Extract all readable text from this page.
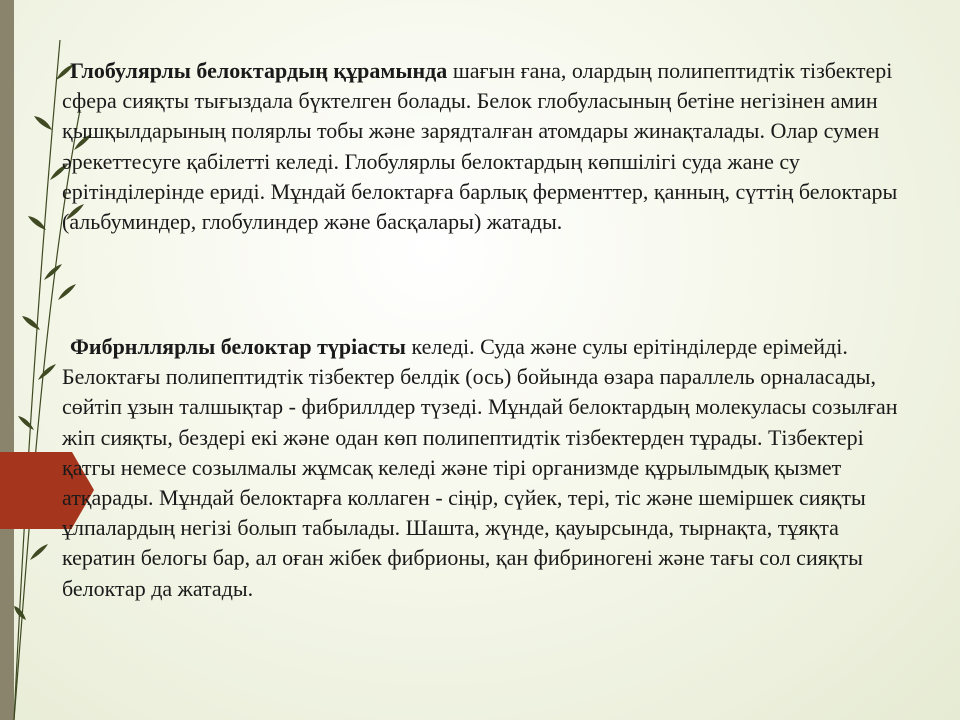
Глобулярлы белоктардың құрамында шағын ғана, олардың полипептидтік тізбектері сфера сияқты тығыздала бүктелген болады. Белок глобуласының бетіне негізінен амин қышқылдарының полярлы тобы және зарядталған атомдары жинақталады. Олар сумен әрекеттесуге қабілетті келеді. Глобулярлы белоктардың көпшілігі суда жане су ерітінділерінде ериді. Мұндай белоктарға барлық ферменттер, қанның, сүттің белоктары (альбуминдер, глобулиндер және басқалары) жатады.

Фибрнллярлы белоктар түріасты келеді. Суда және сулы ерітінділерде ерімейді. Белоктағы полипептидтік тізбектер белдік (ось) бойында өзара параллель орналасады, сөйтіп ұзын талшықтар - фибриллдер түзеді. Мұндай белоктардың молекуласы созылған жіп сияқты, бездері екі және одан көп полипептидтік тізбектерден тұрады. Тізбектері қатгы немесе созылмалы жұмсақ келеді және тірі организмде құрылымдық қызмет атқарады. Мұндай белоктарға коллаген - сіңір, сүйек, тері, тіс және шеміршек сияқты ұлпалардың негізі болып табылады. Шашта, жүнде, қауырсында, тырнақта, тұяқта кератин белогы бар, ал оған жібек фибрионы, қан фибриногені және тағы сол сияқты белоктар да жатады.
